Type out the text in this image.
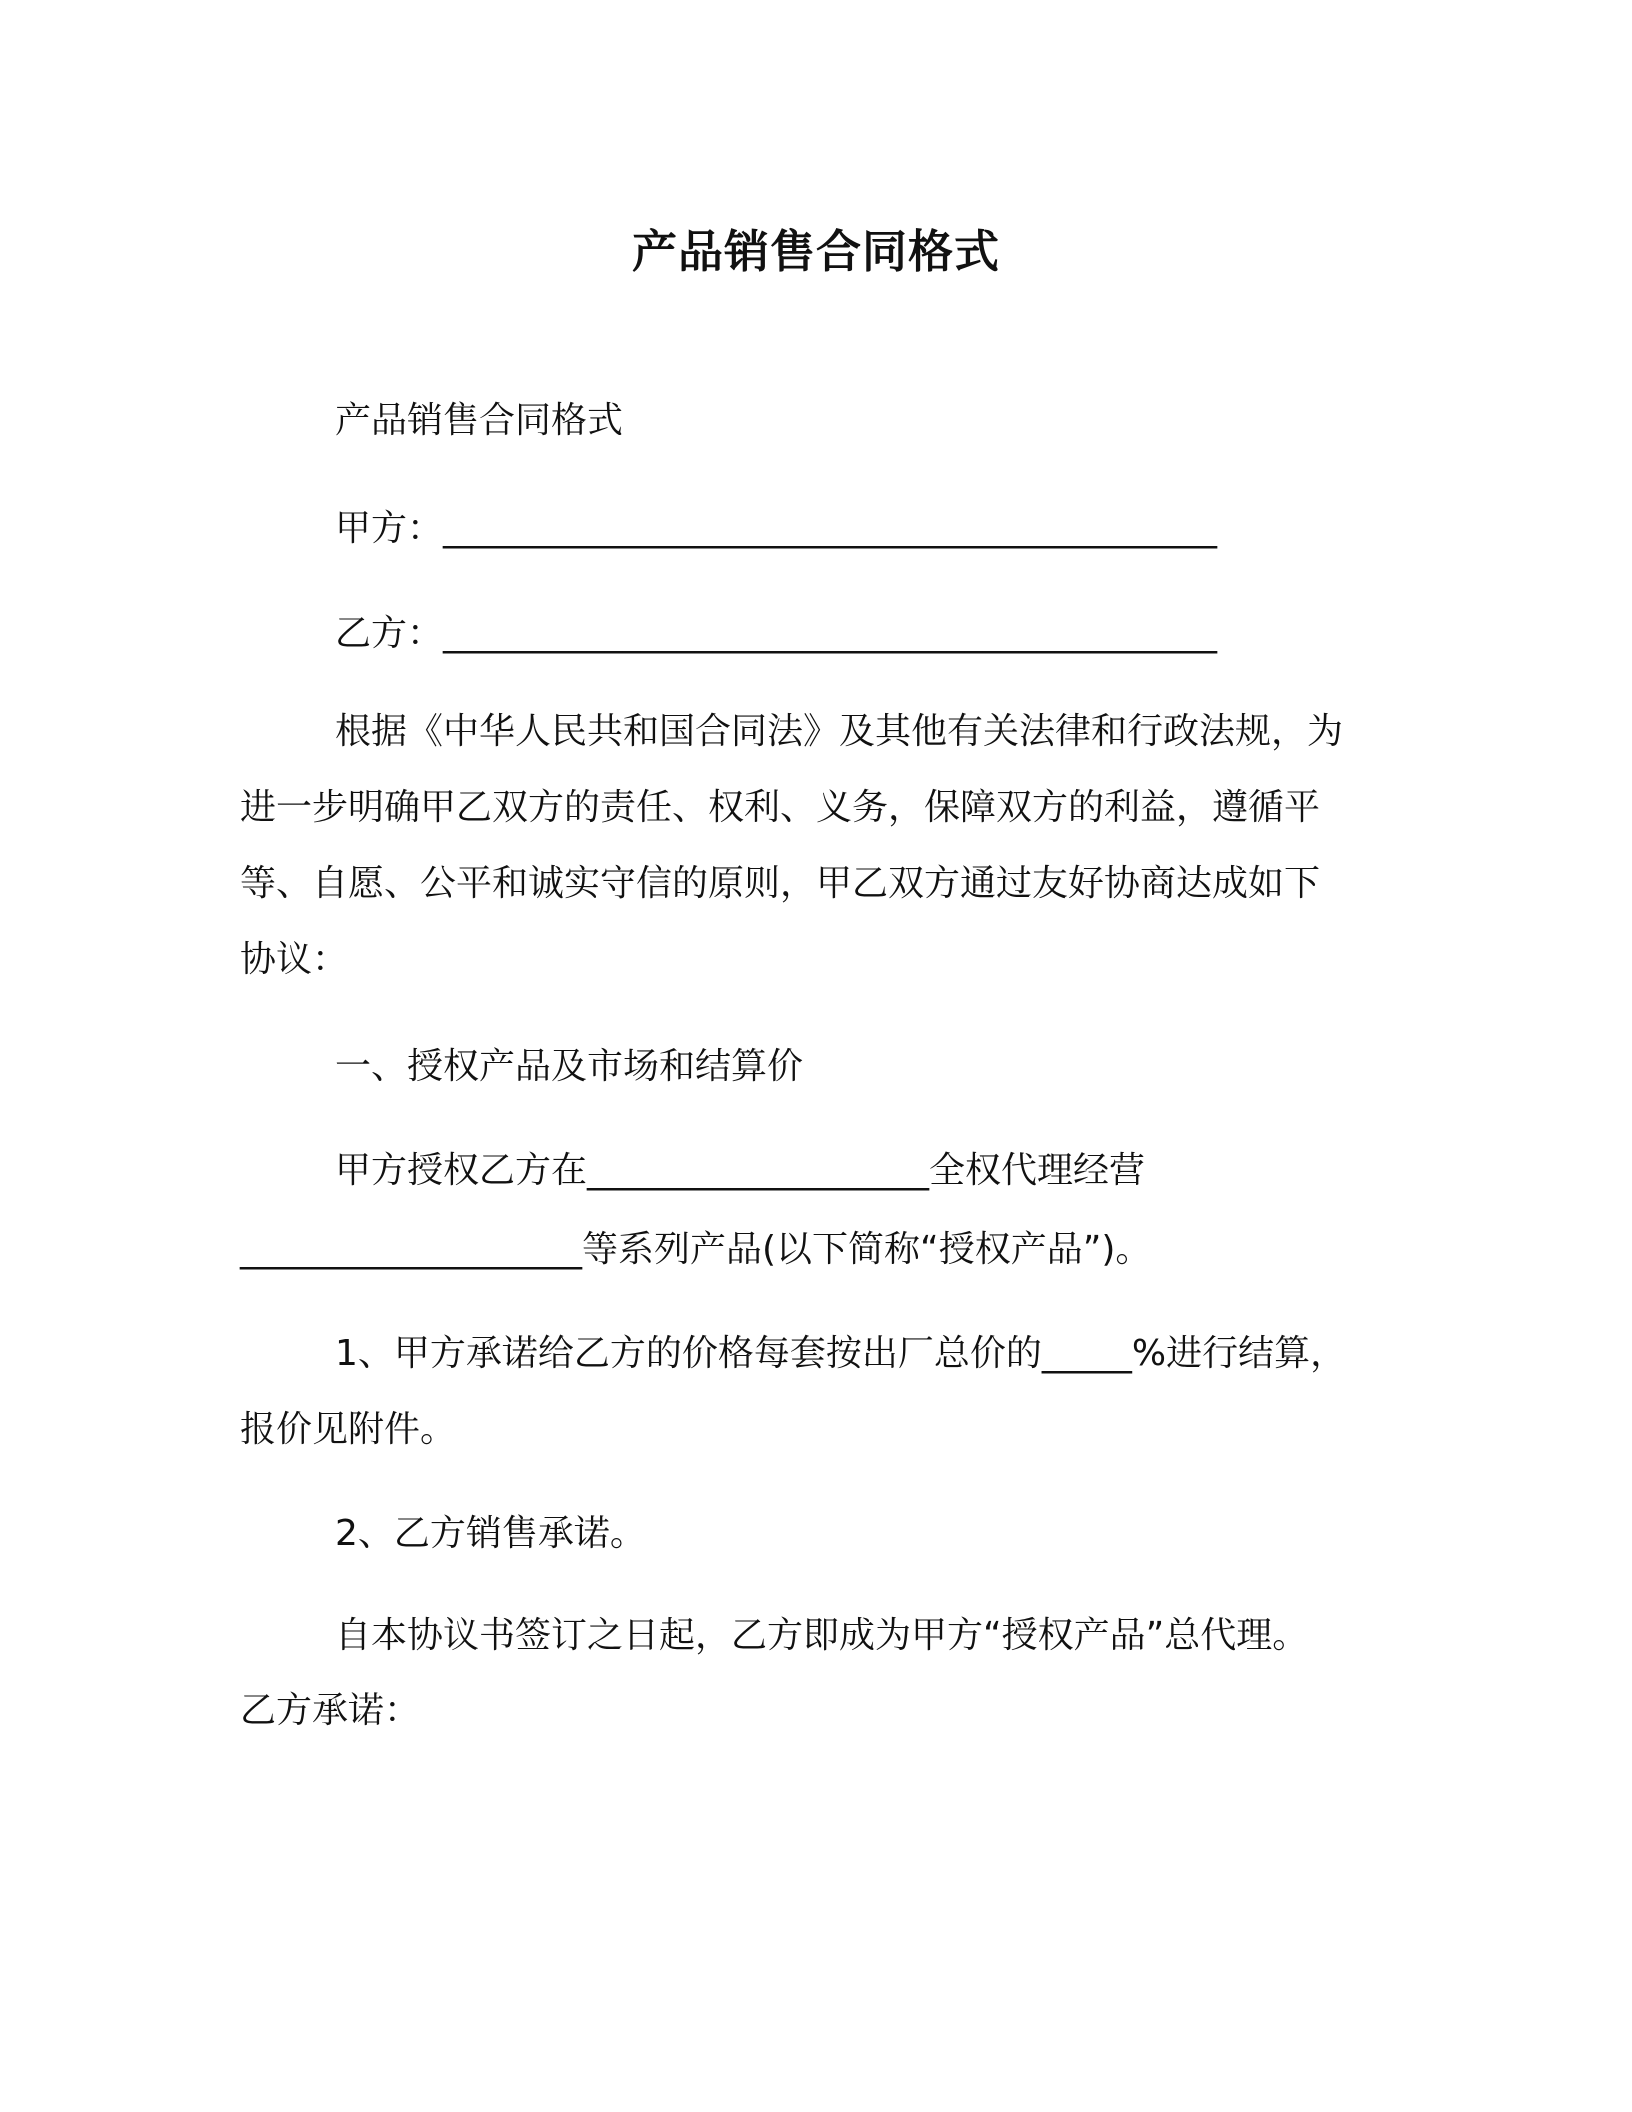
产品销售合同格式
产品销售合同格式
甲方：___________________________________________
乙方：___________________________________________
根据《中华人民共和国合同法》及其他有关法律和行政法规，为
进一步明确甲乙双方的责任、权利、义务，保障双方的利益，遵循平
等、自愿、公平和诚实守信的原则，甲乙双方通过友好协商达成如下
协议：
一、授权产品及市场和结算价
甲方授权乙方在___________________全权代理经营
___________________等系列产品(以下简称“授权产品”)。
1、甲方承诺给乙方的价格每套按出厂总价的_____%进行结算，
报价见附件。
2、乙方销售承诺。
自本协议书签订之日起，乙方即成为甲方“授权产品”总代理。
乙方承诺：
